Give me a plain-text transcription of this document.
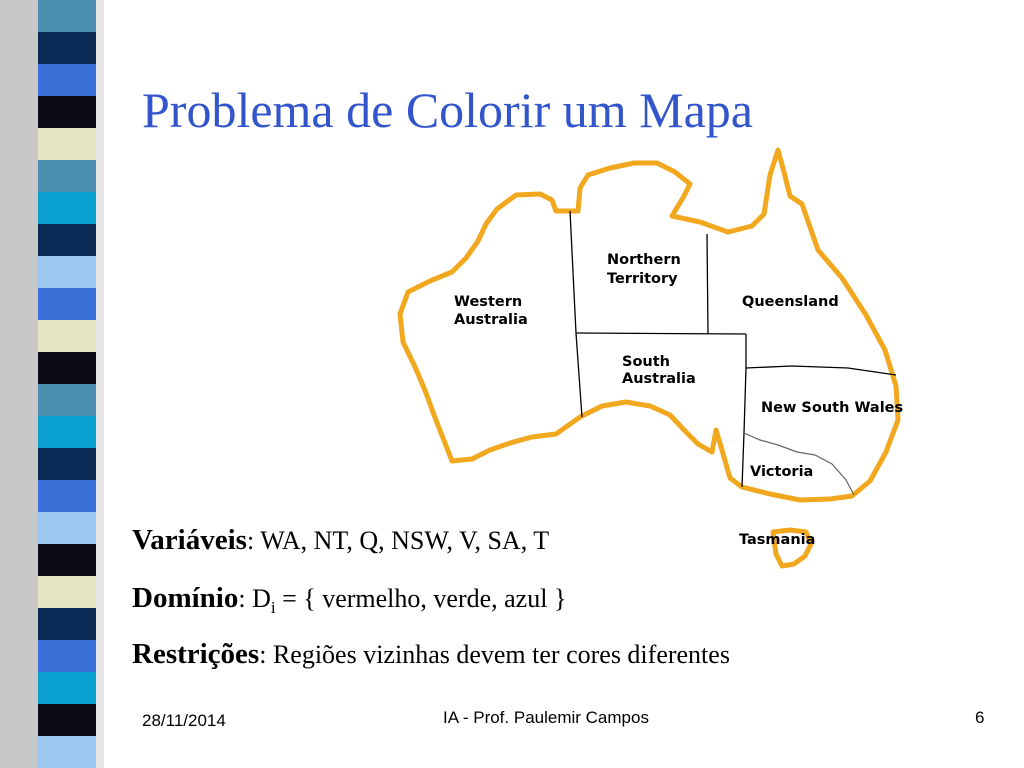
Problema de Colorir um Mapa
Western
Australia
Northern
Territory
Queensland
South
Australia
New South Wales
Victoria
Tasmania
Variáveis: WA, NT, Q, NSW, V, SA, T
Domínio: $D_i$ = { vermelho, verde, azul }
Restrições: Regiões vizinhas devem ter cores diferentes
28/11/2014	IA - Prof. Paulemir Campos	6
